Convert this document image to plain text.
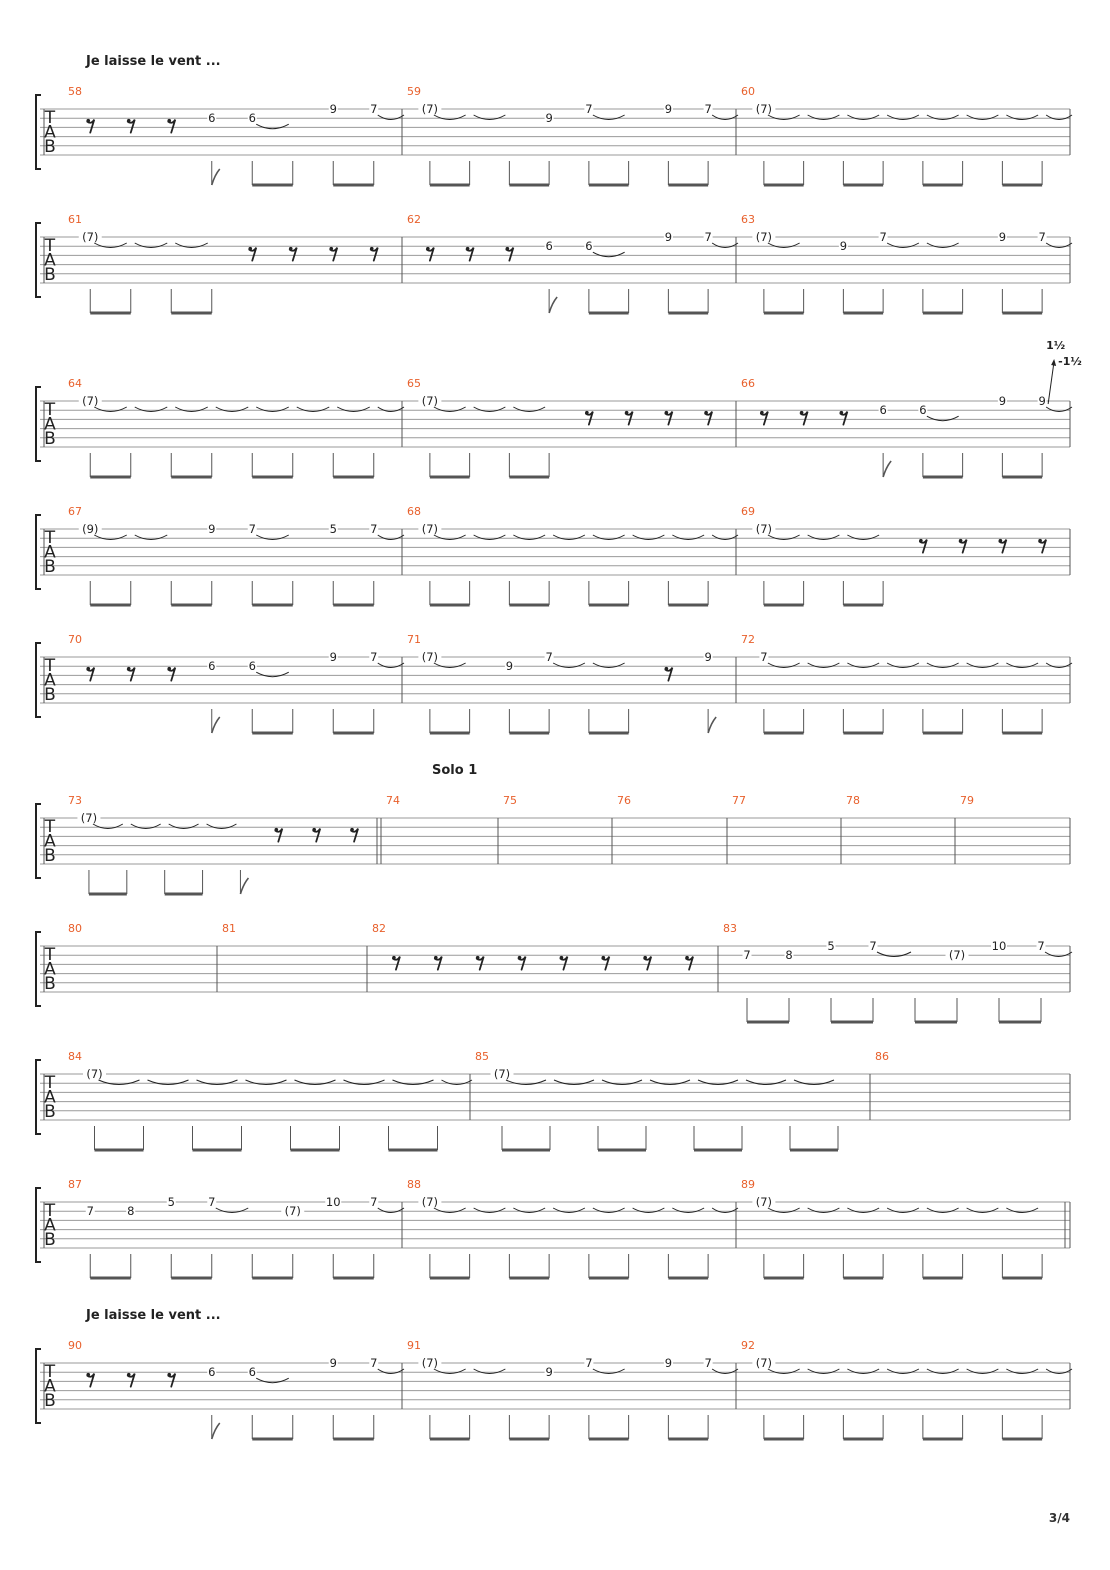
Je laisse le vent ...
Solo 1
Je laisse le vent ...
T
A
B
58
6	6
9	7
59
(7)
9
7	9	7
60
(7)
T
A
B
61
(7)
62
6	6
9	7
63
(7)
9
7	9	7
T
A
B
64
(7)
65
(7)
66
6	6
9	9
1½
-1½
T
A
B
67
(9)	9	7	5	7
68
(7)
69
(7)
T
A
B
70
6	6
9	7
71
(7)
9
7	9
72
7
T
A
B
73
(7)
74	75	76	77	78	79
T
A
B
80	81	82	83
7	8
5	7
(7)
10	7
T
A
B
84
(7)
85
(7)
86
T
A
B
87
7	8
5	7
(7)
10	7
88
(7)
89
(7)
T
A
B
90
6	6
9	7
91
(7)
9
7	9	7
92
(7)
3/4
